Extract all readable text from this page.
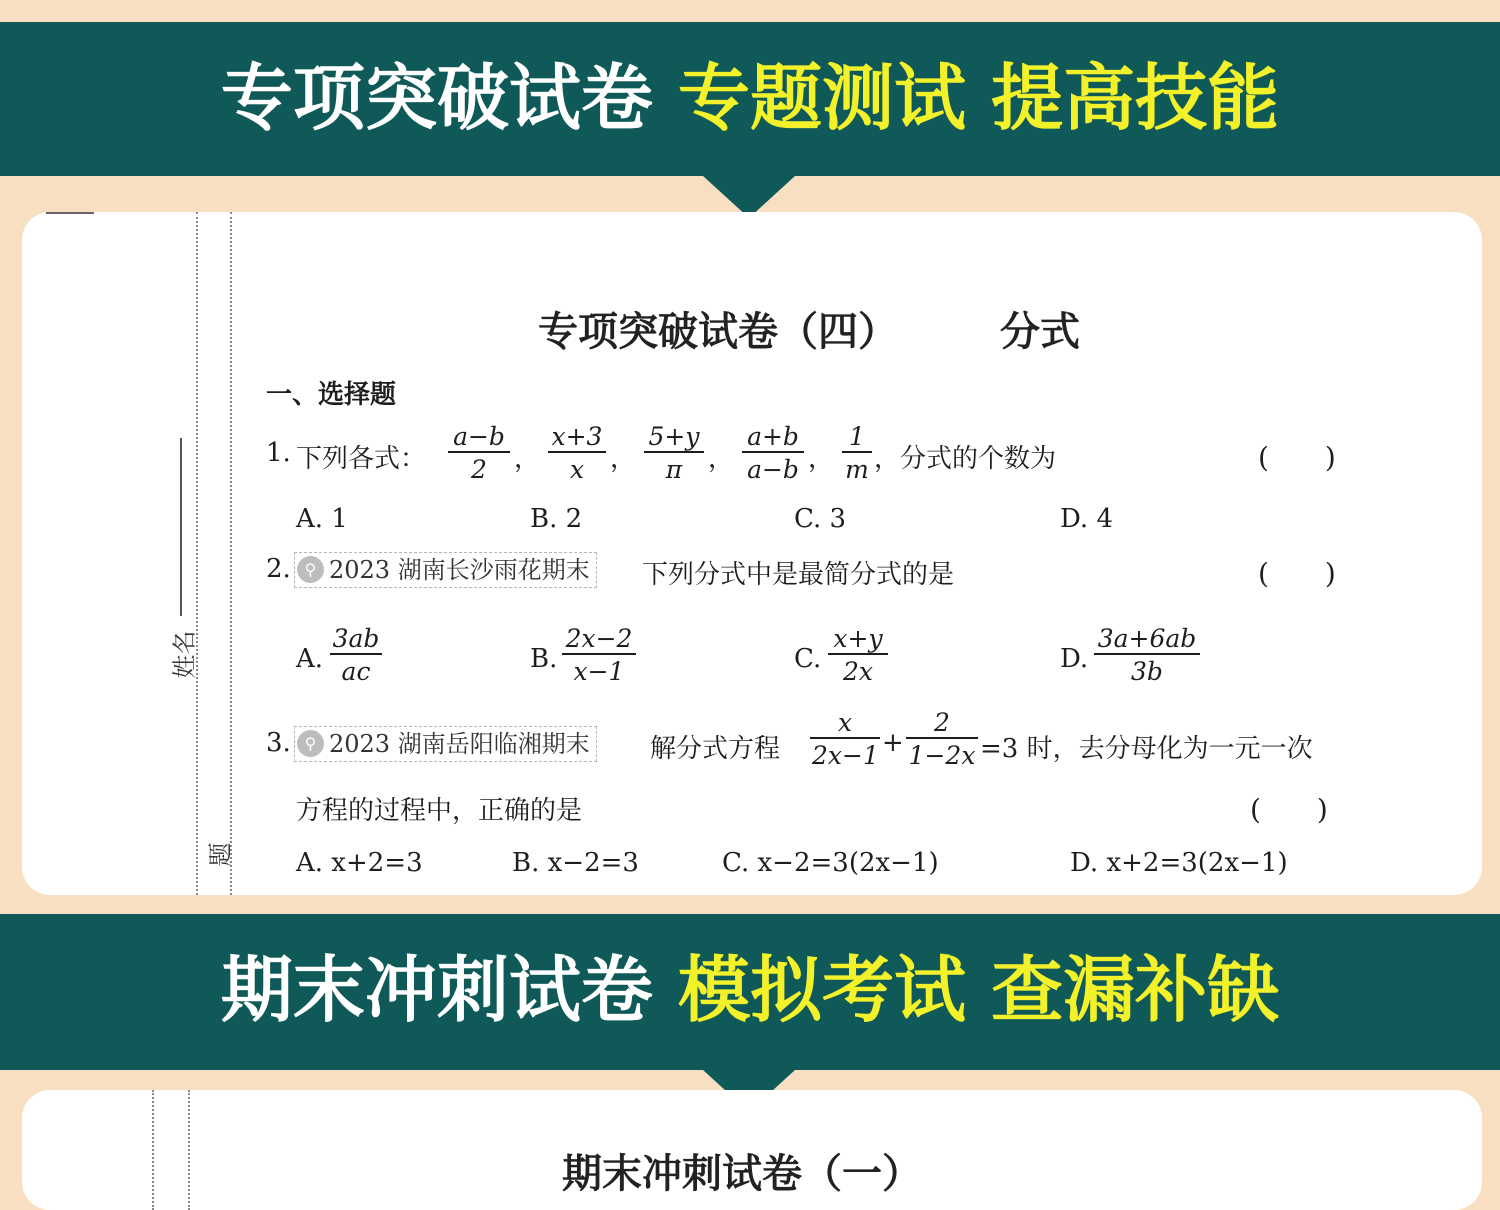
专项突破试卷 专题测试 提高技能
姓名
题
专项突破试卷（四）	分式
一、选择题
1. 下列各式： $\frac{a-b}{2}$ ， $\frac{x+3}{x}$ ， $\frac{5+y}{\pi}$ ， $\frac{a+b}{a-b}$ ， $\frac{1}{m}$ ，分式的个数为	(　　)
A. 1	B. 2	C. 3	D. 4
2. ⚲ 2023 湖南长沙雨花期末 下列分式中是最简分式的是	(　　)
A. $\frac{3ab}{ac}$	B. $\frac{2x-2}{x-1}$	C. $\frac{x+y}{2x}$	D. $\frac{3a+6ab}{3b}$
3. ⚲ 2023 湖南岳阳临湘期末 解分式方程 $\frac{x}{2x-1} + \frac{2}{1-2x} =3$ 时，去分母化为一元一次
方程的过程中，正确的是	(　　)
A. x+2=3	B. x−2=3	C. x−2=3(2x−1)	D. x+2=3(2x−1)
期末冲刺试卷 模拟考试 查漏补缺
期末冲刺试卷（一）
